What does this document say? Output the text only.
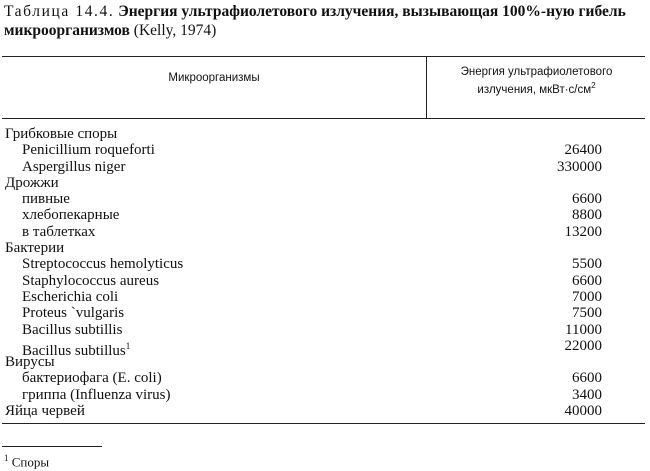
Таблица 14.4. Энергия ультрафиолетового излучения, вызывающая 100%-ную гибель микроорганизмов (Kelly, 1974)
Микроорганизмы	Энергия ультрафиолетового
излучения, $мкВт\cdot с/см^2$
Грибковые споры
Penicillium roqueforti	26400
Aspergillus niger	330000
Дрожжи
пивные	6600
хлебопекарные	8800
в таблетках	13200
Бактерии
Streptococcus hemolyticus	5500
Staphylococcus aureus	6600
Escherichia coli	7000
Proteus `vulgaris	7500
Bacillus subtillis	11000
Bacillus subtillus$^1$	22000
Вирусы
бактериофага (E. coli)	6600
гриппа (Influenza virus)	3400
Яйца червей	40000
$^1$ Споры
